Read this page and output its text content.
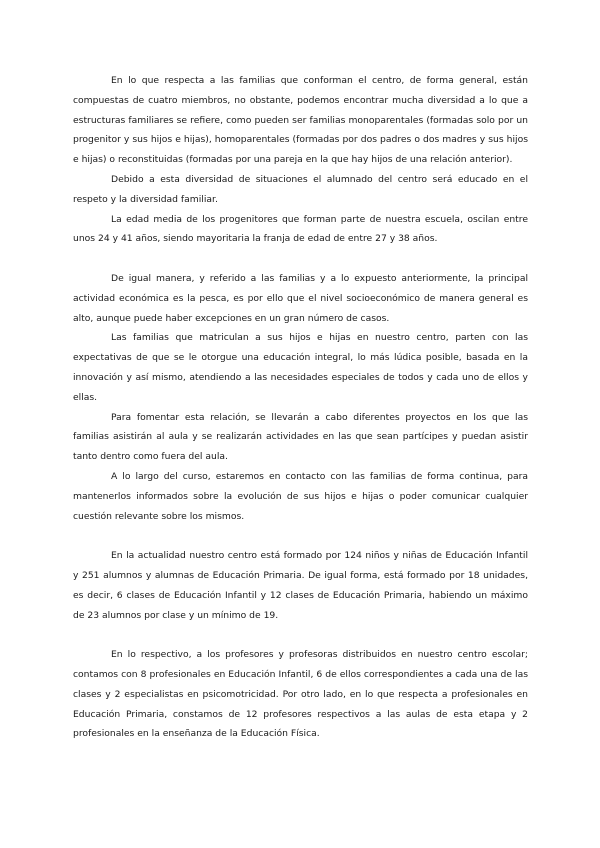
En lo que respecta a las familias que conforman el centro, de forma general, están compuestas de cuatro miembros, no obstante, podemos encontrar mucha diversidad a lo que a estructuras familiares se refiere, como pueden ser familias monoparentales (formadas solo por un progenitor y sus hijos e hijas), homoparentales (formadas por dos padres o dos madres y sus hijos e hijas) o reconstituidas (formadas por una pareja en la que hay hijos de una relación anterior).

Debido a esta diversidad de situaciones el alumnado del centro será educado en el respeto y la diversidad familiar.

La edad media de los progenitores que forman parte de nuestra escuela, oscilan entre unos 24 y 41 años, siendo mayoritaria la franja de edad de entre 27 y 38 años.

De igual manera, y referido a las familias y a lo expuesto anteriormente, la principal actividad económica es la pesca, es por ello que el nivel socioeconómico de manera general es alto, aunque puede haber excepciones en un gran número de casos.

Las familias que matriculan a sus hijos e hijas en nuestro centro, parten con las expectativas de que se le otorgue una educación integral, lo más lúdica posible, basada en la innovación y así mismo, atendiendo a las necesidades especiales de todos y cada uno de ellos y ellas.

Para fomentar esta relación, se llevarán a cabo diferentes proyectos en los que las familias asistirán al aula y se realizarán actividades en las que sean partícipes y puedan asistir tanto dentro como fuera del aula.

A lo largo del curso, estaremos en contacto con las familias de forma continua, para mantenerlos informados sobre la evolución de sus hijos e hijas o poder comunicar cualquier cuestión relevante sobre los mismos.

En la actualidad nuestro centro está formado por 124 niños y niñas de Educación Infantil y 251 alumnos y alumnas de Educación Primaria. De igual forma, está formado por 18 unidades, es decir, 6 clases de Educación Infantil y 12 clases de Educación Primaria, habiendo un máximo de 23 alumnos por clase y un mínimo de 19.

En lo respectivo, a los profesores y profesoras distribuidos en nuestro centro escolar; contamos con 8 profesionales en Educación Infantil, 6 de ellos correspondientes a cada una de las clases y 2 especialistas en psicomotricidad. Por otro lado, en lo que respecta a profesionales en Educación Primaria, constamos de 12 profesores respectivos a las aulas de esta etapa y 2 profesionales en la enseñanza de la Educación Física.
